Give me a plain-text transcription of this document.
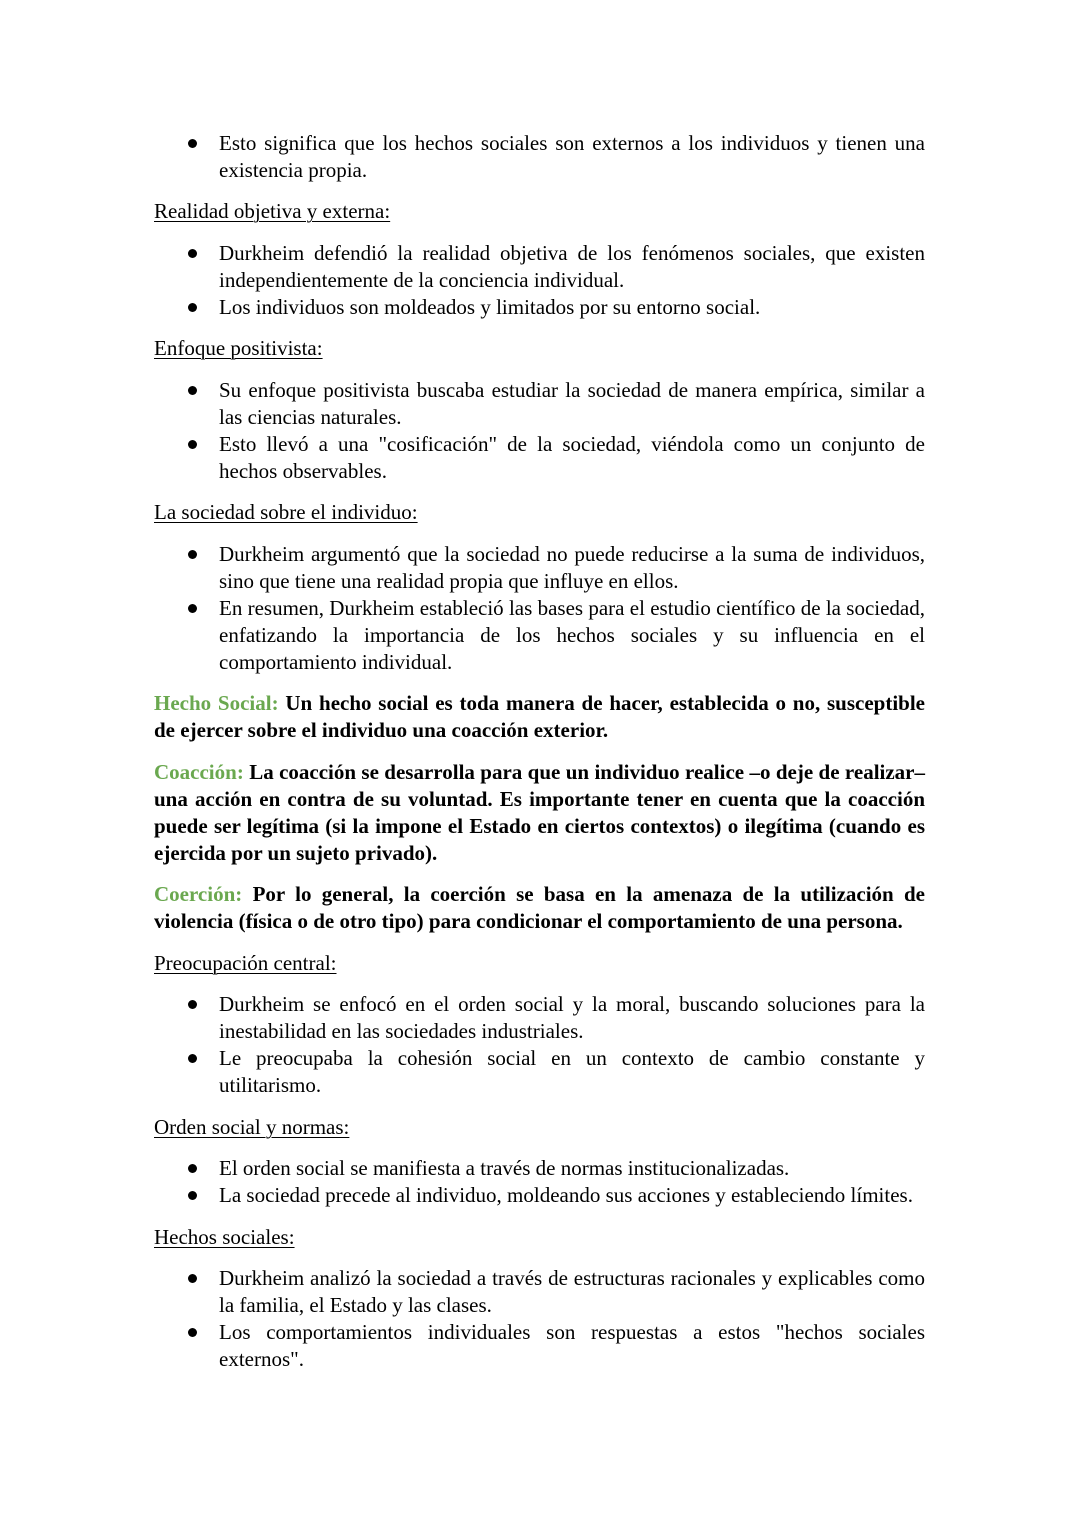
Esto significa que los hechos sociales son externos a los individuos y tienen una existencia propia.

Realidad objetiva y externa:

Durkheim defendió la realidad objetiva de los fenómenos sociales, que existen independientemente de la conciencia individual.
Los individuos son moldeados y limitados por su entorno social.

Enfoque positivista:

Su enfoque positivista buscaba estudiar la sociedad de manera empírica, similar a las ciencias naturales.
Esto llevó a una "cosificación" de la sociedad, viéndola como un conjunto de hechos observables.

La sociedad sobre el individuo:

Durkheim argumentó que la sociedad no puede reducirse a la suma de individuos, sino que tiene una realidad propia que influye en ellos.
En resumen, Durkheim estableció las bases para el estudio científico de la sociedad, enfatizando la importancia de los hechos sociales y su influencia en el comportamiento individual.

Hecho Social: Un hecho social es toda manera de hacer, establecida o no, susceptible de ejercer sobre el individuo una coacción exterior.

Coacción: La coacción se desarrolla para que un individuo realice –o deje de realizar– una acción en contra de su voluntad. Es importante tener en cuenta que la coacción puede ser legítima (si la impone el Estado en ciertos contextos) o ilegítima (cuando es ejercida por un sujeto privado).

Coerción: Por lo general, la coerción se basa en la amenaza de la utilización de violencia (física o de otro tipo) para condicionar el comportamiento de una persona.

Preocupación central:

Durkheim se enfocó en el orden social y la moral, buscando soluciones para la inestabilidad en las sociedades industriales.
Le preocupaba la cohesión social en un contexto de cambio constante y utilitarismo.

Orden social y normas:

El orden social se manifiesta a través de normas institucionalizadas.
La sociedad precede al individuo, moldeando sus acciones y estableciendo límites.

Hechos sociales:

Durkheim analizó la sociedad a través de estructuras racionales y explicables como la familia, el Estado y las clases.
Los comportamientos individuales son respuestas a estos "hechos sociales externos".
